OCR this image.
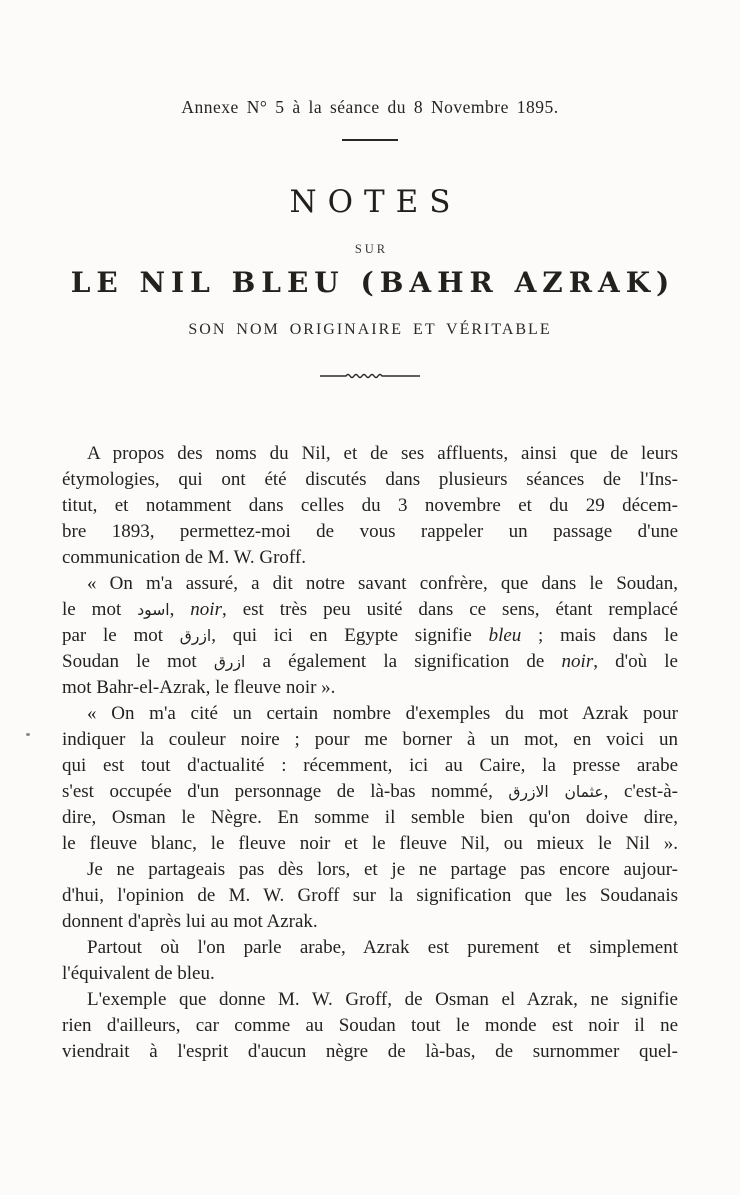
Annexe N° 5 à la séance du 8 Novembre 1895.
NOTES
SUR
LE NIL BLEU (BAHR AZRAK)
SON NOM ORIGINAIRE ET VÉRITABLE
A propos des noms du Nil, et de ses affluents, ainsi que de leurs
étymologies, qui ont été discutés dans plusieurs séances de l'Ins-
titut, et notamment dans celles du 3 novembre et du 29 décem-
bre 1893, permettez-moi de vous rappeler un passage d'une
communication de M. W. Groff.
« On m'a assuré, a dit notre savant confrère, que dans le Soudan,
le mot اسود, noir, est très peu usité dans ce sens, étant remplacé
par le mot ازرق, qui ici en Egypte signifie bleu ; mais dans le
Soudan le mot ازرق a également la signification de noir, d'où le
mot Bahr-el-Azrak, le fleuve noir ».
« On m'a cité un certain nombre d'exemples du mot Azrak pour
indiquer la couleur noire ; pour me borner à un mot, en voici un
qui est tout d'actualité : récemment, ici au Caire, la presse arabe
s'est occupée d'un personnage de là-bas nommé, عثمان الازرق, c'est-à-
dire, Osman le Nègre. En somme il semble bien qu'on doive dire,
le fleuve blanc, le fleuve noir et le fleuve Nil, ou mieux le Nil ».
Je ne partageais pas dès lors, et je ne partage pas encore aujour-
d'hui, l'opinion de M. W. Groff sur la signification que les Soudanais
donnent d'après lui au mot Azrak.
Partout où l'on parle arabe, Azrak est purement et simplement
l'équivalent de bleu.
L'exemple que donne M. W. Groff, de Osman el Azrak, ne signifie
rien d'ailleurs, car comme au Soudan tout le monde est noir il ne
viendrait à l'esprit d'aucun nègre de là-bas, de surnommer quel-
